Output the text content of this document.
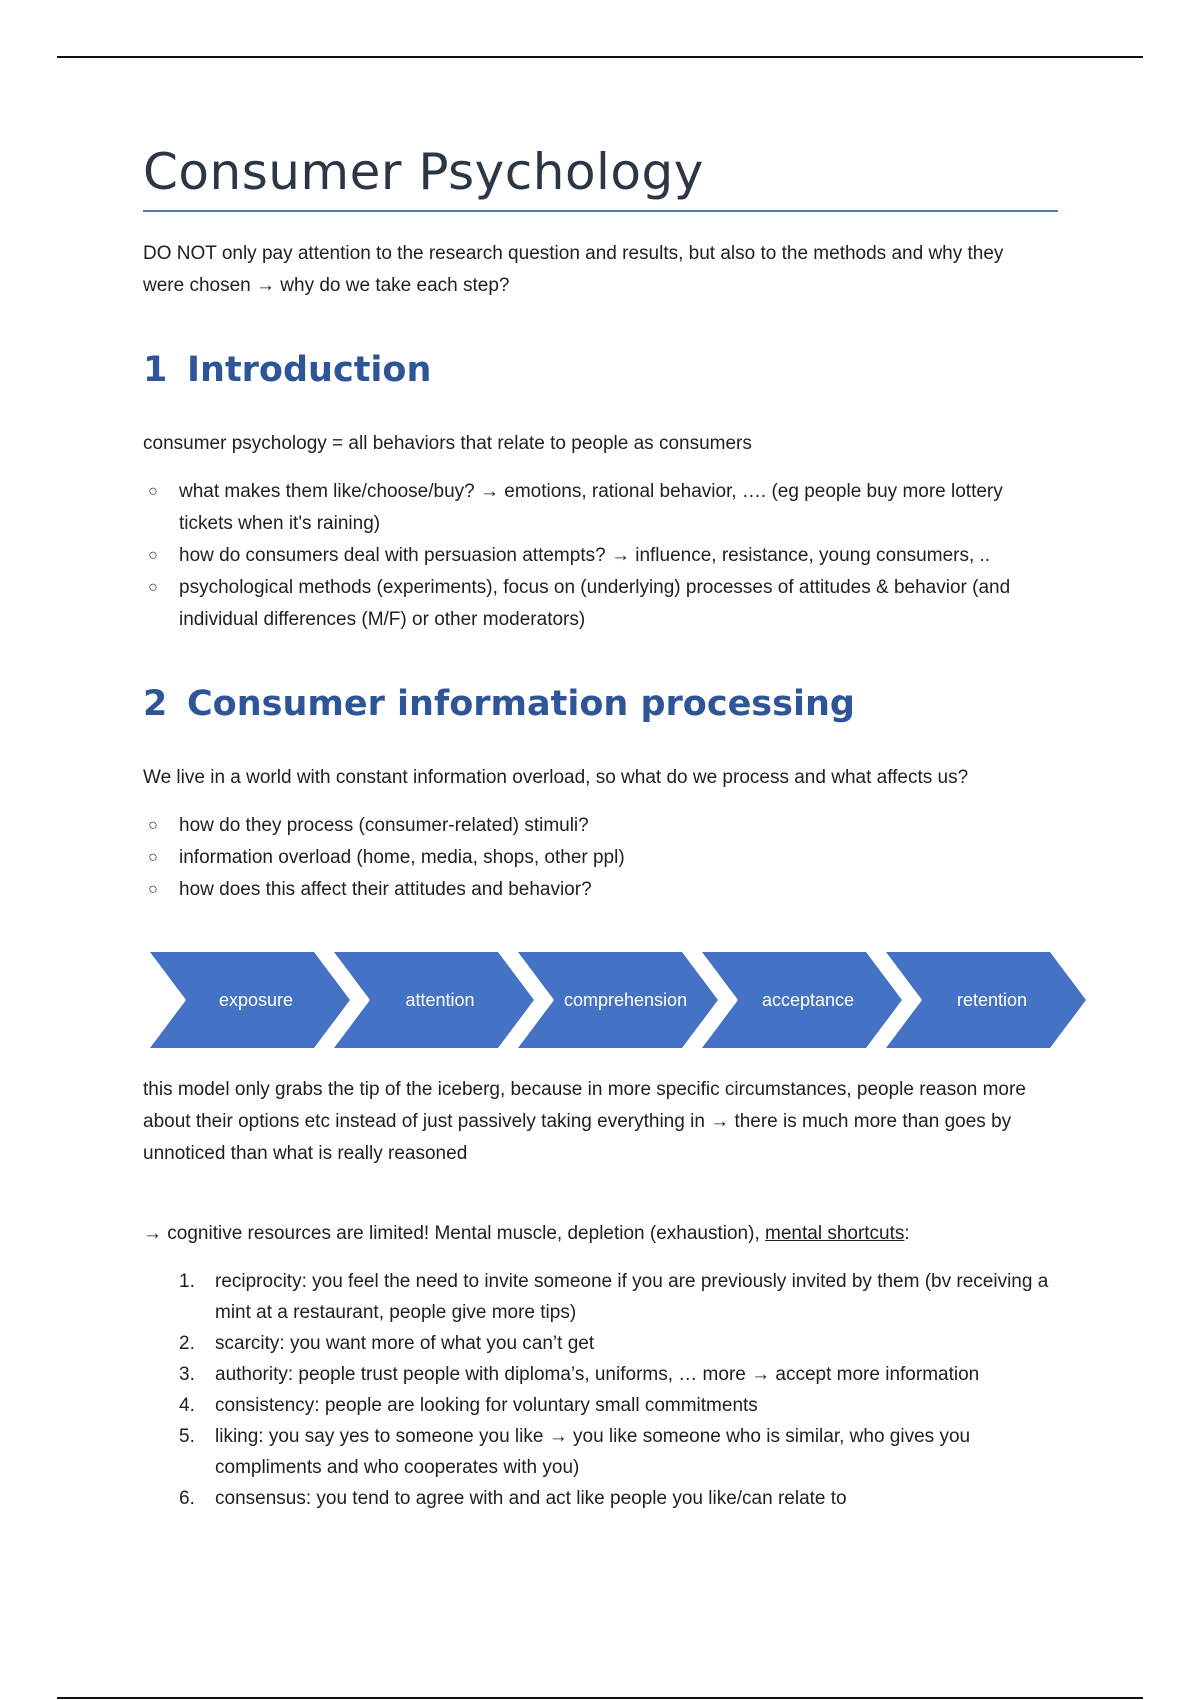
Consumer Psychology

DO NOT only pay attention to the research question and results, but also to the methods and why they were chosen → why do we take each step?

1 Introduction

consumer psychology = all behaviors that relate to people as consumers

○ what makes them like/choose/buy? → emotions, rational behavior, …. (eg people buy more lottery tickets when it's raining)
○ how do consumers deal with persuasion attempts? → influence, resistance, young consumers, ..
○ psychological methods (experiments), focus on (underlying) processes of attitudes & behavior (and individual differences (M/F) or other moderators)
2 Consumer information processing

We live in a world with constant information overload, so what do we process and what affects us?

○ how do they process (consumer-related) stimuli?
○ information overload (home, media, shops, other ppl)
○ how does this affect their attitudes and behavior?
exposure	attention	comprehension	acceptance	retention

this model only grabs the tip of the iceberg, because in more specific circumstances, people reason more about their options etc instead of just passively taking everything in → there is much more than goes by unnoticed than what is really reasoned

→ cognitive resources are limited! Mental muscle, depletion (exhaustion), mental shortcuts:

1. reciprocity: you feel the need to invite someone if you are previously invited by them (bv receiving a mint at a restaurant, people give more tips)
2. scarcity: you want more of what you can’t get
3. authority: people trust people with diploma’s, uniforms, … more → accept more information
4. consistency: people are looking for voluntary small commitments
5. liking: you say yes to someone you like → you like someone who is similar, who gives you compliments and who cooperates with you)
6. consensus: you tend to agree with and act like people you like/can relate to
